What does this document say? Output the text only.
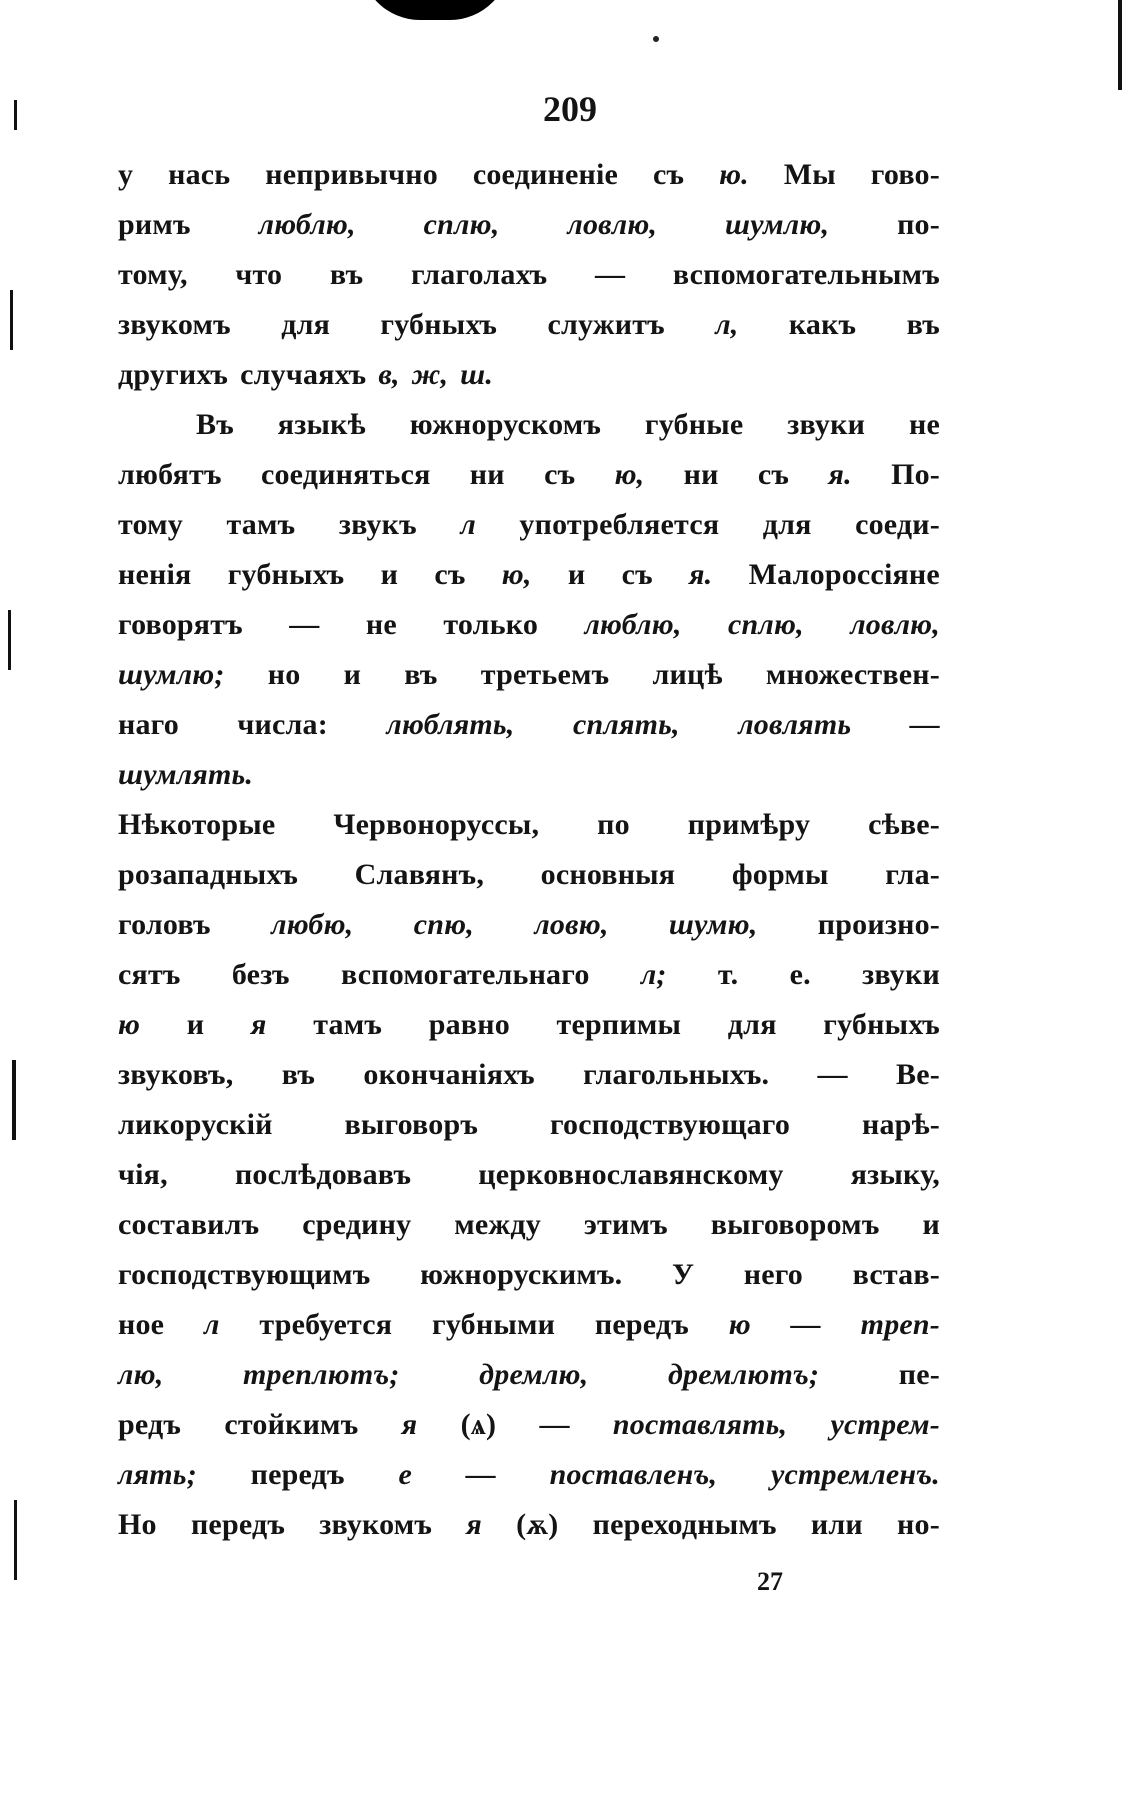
209
у нась непривычно соединеніе съ ю. Мы гово-
римъ люблю, сплю, ловлю, шумлю, по-
тому, что въ глаголахъ — вспомогательнымъ
звукомъ для губныхъ служитъ л, какъ въ
другихъ случаяхъ в, ж, ш.
Въ языкѣ южнорускомъ губные звуки не
любятъ соединяться ни съ ю, ни съ я. По-
тому тамъ звукъ л употребляется для соеди-
ненія губныхъ и съ ю, и съ я. Малороссіяне
говорятъ — не только люблю, сплю, ловлю,
шумлю; но и въ третьемъ лицѣ множествен-
наго числа: люблять, сплять, ловлять —
шумлять.
Нѣкоторые Червоноруссы, по примѣру сѣве-
розападныхъ Славянъ, основныя формы гла-
головъ любю, спю, ловю, шумю, произно-
сятъ безъ вспомогательнаго л; т. е. звуки
ю и я тамъ равно терпимы для губныхъ
звуковъ, въ окончаніяхъ глагольныхъ. — Ве-
ликорускій выговоръ господствующаго нарѣ-
чія, послѣдовавъ церковнославянскому языку,
составилъ средину между этимъ выговоромъ и
господствующимъ южнорускимъ. У него встав-
ное л требуется губными передъ ю — треп-
лю,	треплютъ;	дремлю,	дремлютъ;	пе-
редъ стойкимъ я (ѧ) — поставлять, устрем-
лять; передъ е — поставленъ, устремленъ.
Но передъ звукомъ я (ѫ) переходнымъ или но-
27
